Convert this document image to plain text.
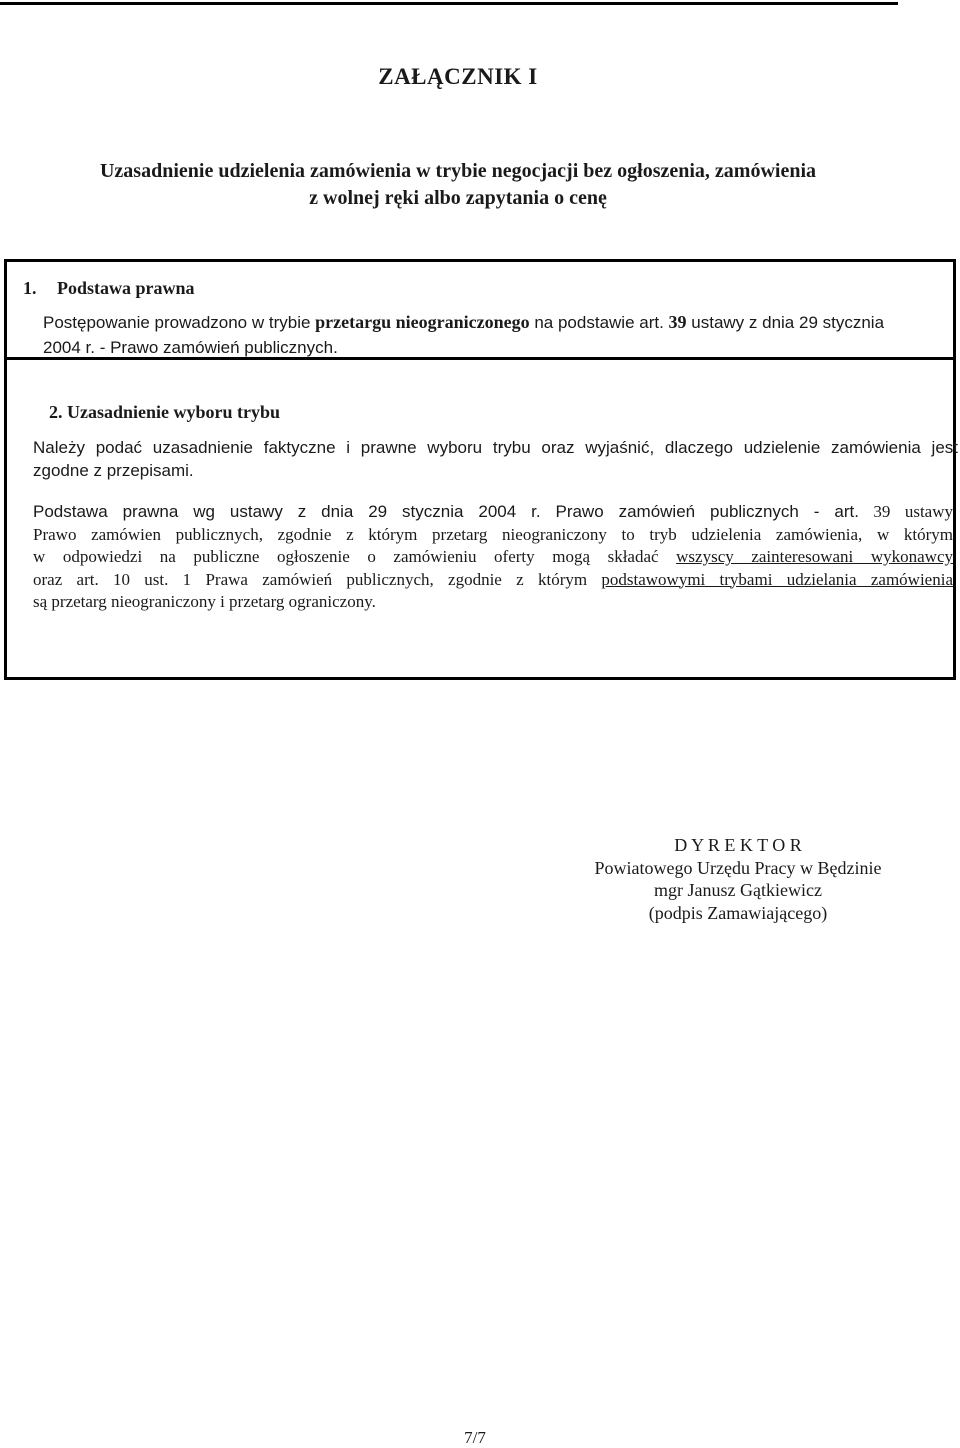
ZAŁĄCZNIK I
Uzasadnienie udzielenia zamówienia w trybie negocjacji bez ogłoszenia, zamówienia
z wolnej ręki albo zapytania o cenę
1. Podstawa prawna
Postępowanie prowadzono w trybie przetargu nieograniczonego na podstawie art. 39 ustawy z dnia 29 stycznia
2004 r. - Prawo zamówień publicznych.
2. Uzasadnienie wyboru trybu
Należy podać uzasadnienie faktyczne i prawne wyboru trybu oraz wyjaśnić, dlaczego udzielenie zamówienia jest
zgodne z przepisami.
Podstawa prawna wg ustawy z dnia 29 stycznia 2004 r. Prawo zamówień publicznych - art. 39 ustawy
Prawo zamówien publicznych, zgodnie z którym przetarg nieograniczony to tryb udzielenia zamówienia, w którym
w odpowiedzi na publiczne ogłoszenie o zamówieniu oferty mogą składać wszyscy zainteresowani wykonawcy
oraz art. 10 ust. 1 Prawa zamówień publicznych, zgodnie z którym podstawowymi trybami udzielania zamówienia
są przetarg nieograniczony i przetarg ograniczony.
D Y R E K T O R
Powiatowego Urzędu Pracy w Będzinie
mgr Janusz Gątkiewicz
(podpis Zamawiającego)
7/7
